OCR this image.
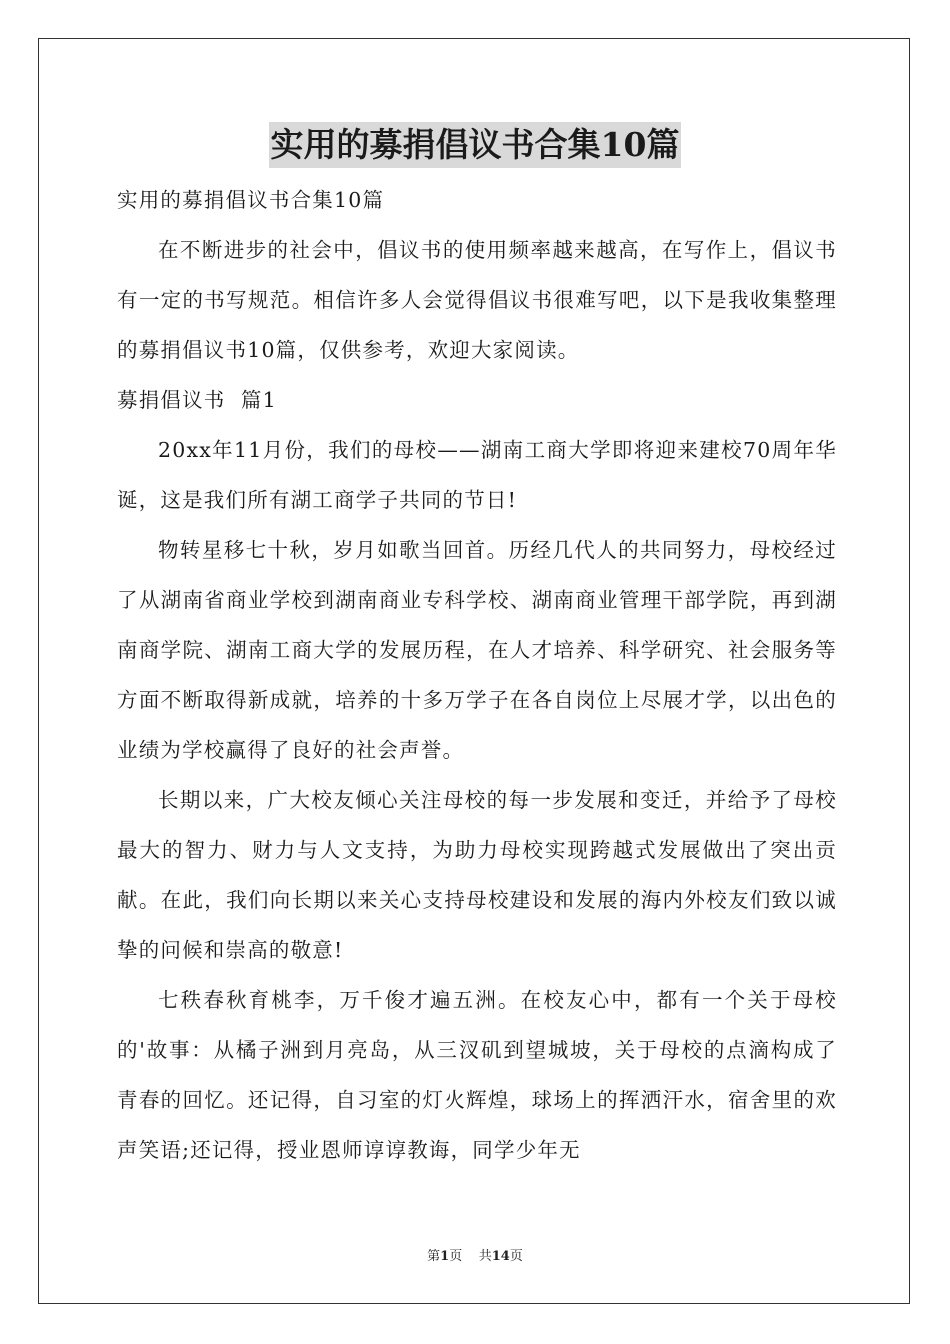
实用的募捐倡议书合集10篇

实用的募捐倡议书合集10篇

在不断进步的社会中，倡议书的使用频率越来越高，在写作上，倡议书有一定的书写规范。相信许多人会觉得倡议书很难写吧，以下是我收集整理的募捐倡议书10篇，仅供参考，欢迎大家阅读。

募捐倡议书  篇1

20xx年11月份，我们的母校——湖南工商大学即将迎来建校70周年华诞，这是我们所有湖工商学子共同的节日!

物转星移七十秋，岁月如歌当回首。历经几代人的共同努力，母校经过了从湖南省商业学校到湖南商业专科学校、湖南商业管理干部学院，再到湖南商学院、湖南工商大学的发展历程，在人才培养、科学研究、社会服务等方面不断取得新成就，培养的十多万学子在各自岗位上尽展才学，以出色的业绩为学校赢得了良好的社会声誉。

长期以来，广大校友倾心关注母校的每一步发展和变迁，并给予了母校最大的智力、财力与人文支持，为助力母校实现跨越式发展做出了突出贡献。在此，我们向长期以来关心支持母校建设和发展的海内外校友们致以诚挚的问候和崇高的敬意!

七秩春秋育桃李，万千俊才遍五洲。在校友心中，都有一个关于母校的'故事：从橘子洲到月亮岛，从三汊矶到望城坡，关于母校的点滴构成了青春的回忆。还记得，自习室的灯火辉煌，球场上的挥洒汗水，宿舍里的欢声笑语;还记得，授业恩师谆谆教诲，同学少年无

第1页 共14页
